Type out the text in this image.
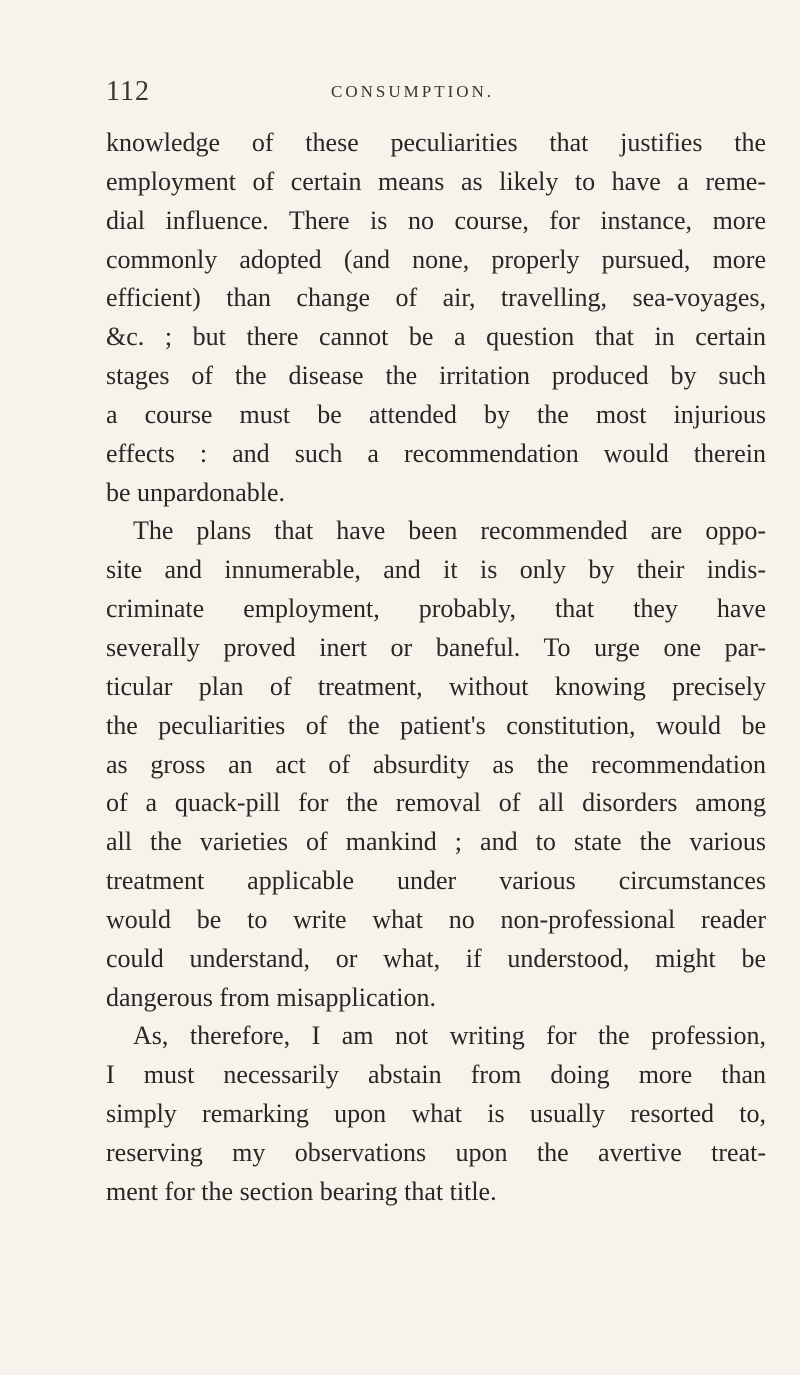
112	CONSUMPTION.
knowledge of these peculiarities that justifies the
employment of certain means as likely to have a reme-
dial influence. There is no course, for instance, more
commonly adopted (and none, properly pursued, more
efficient) than change of air, travelling, sea-voyages,
&c. ; but there cannot be a question that in certain
stages of the disease the irritation produced by such
a course must be attended by the most injurious
effects : and such a recommendation would therein
be unpardonable.
The plans that have been recommended are oppo-
site and innumerable, and it is only by their indis-
criminate employment, probably, that they have
severally proved inert or baneful. To urge one par-
ticular plan of treatment, without knowing precisely
the peculiarities of the patient's constitution, would be
as gross an act of absurdity as the recommendation
of a quack-pill for the removal of all disorders among
all the varieties of mankind ; and to state the various
treatment applicable under various circumstances
would be to write what no non-professional reader
could understand, or what, if understood, might be
dangerous from misapplication.
As, therefore, I am not writing for the profession,
I must necessarily abstain from doing more than
simply remarking upon what is usually resorted to,
reserving my observations upon the avertive treat-
ment for the section bearing that title.
